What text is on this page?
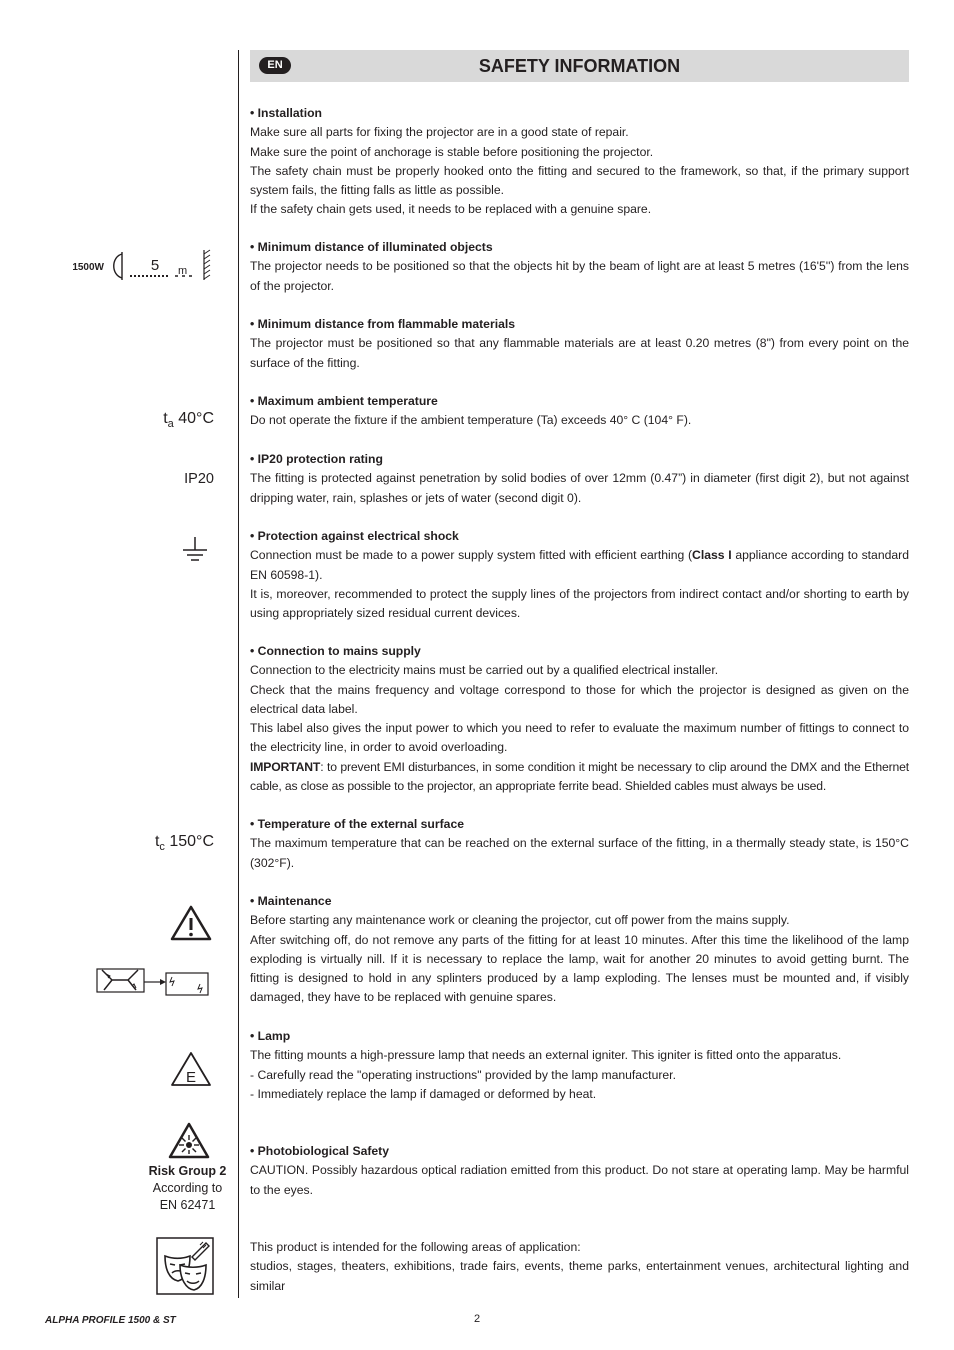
EN	SAFETY INFORMATION

• Installation

Make sure all parts for fixing the projector are in a good state of repair.

Make sure the point of anchorage is stable before positioning the projector.

The safety chain must be properly hooked onto the fitting and secured to the framework, so that, if the primary support system fails, the fitting falls as little as possible.

If the safety chain gets used, it needs to be replaced with a genuine spare.

• Minimum distance of illuminated objects

The projector needs to be positioned so that the objects hit by the beam of light are at least 5 metres (16'5'') from the lens of the projector.

• Minimum distance from flammable materials

The projector must be positioned so that any flammable materials are at least 0.20 metres (8") from every point on the surface of the fitting.

• Maximum ambient temperature

Do not operate the fixture if the ambient temperature (Ta) exceeds 40° C (104° F).

• IP20 protection rating

The fitting is protected against penetration by solid bodies of over 12mm (0.47”) in diameter (first digit 2), but not against dripping water, rain, splashes or jets of water (second digit 0).

• Protection against electrical shock

Connection must be made to a power supply system fitted with efficient earthing (Class I appliance according to standard EN 60598-1).

It is, moreover, recommended to protect the supply lines of the projectors from indirect contact and/or shorting to earth by using appropriately sized residual current devices.

• Connection to mains supply

Connection to the electricity mains must be carried out by a qualified electrical installer.

Check that the mains frequency and voltage correspond to those for which the projector is designed as given on the electrical data label.

This label also gives the input power to which you need to refer to evaluate the maximum number of fittings to connect to the electricity line, in order to avoid overloading.

IMPORTANT: to prevent EMI disturbances, in some condition it might be necessary to clip around the DMX and the Ethernet cable, as close as possible to the projector, an appropriate ferrite bead. Shielded cables must always be used.

• Temperature of the external surface

The maximum temperature that can be reached on the external surface of the fitting, in a thermally steady state, is 150°C (302°F).

• Maintenance

Before starting any maintenance work or cleaning the projector, cut off power from the mains supply.

After switching off, do not remove any parts of the fitting for at least 10 minutes. After this time the likelihood of the lamp exploding is virtually nill. If it is necessary to replace the lamp, wait for another 20 minutes to avoid getting burnt. The fitting is designed to hold in any splinters produced by a lamp exploding. The lenses must be mounted and, if visibly damaged, they have to be replaced with genuine spares.

• Lamp

The fitting mounts a high-pressure lamp that needs an external igniter. This igniter is fitted onto the apparatus.

- Carefully read the "operating instructions" provided by the lamp manufacturer.

- Immediately replace the lamp if damaged or deformed by heat.

• Photobiological Safety

CAUTION. Possibly hazardous optical radiation emitted from this product. Do not stare at operating lamp. May be harmful to the eyes.

This product is intended for the following areas of application:

studios, stages, theaters, exhibitions, trade fairs, events, theme parks, entertainment venues, architectural lighting and similar

1500W	5	m
$t_a$ 40°C
IP20
$t_c$ 150°C
E
Risk Group 2
According to
EN 62471
ALPHA PROFILE 1500 & ST	2
